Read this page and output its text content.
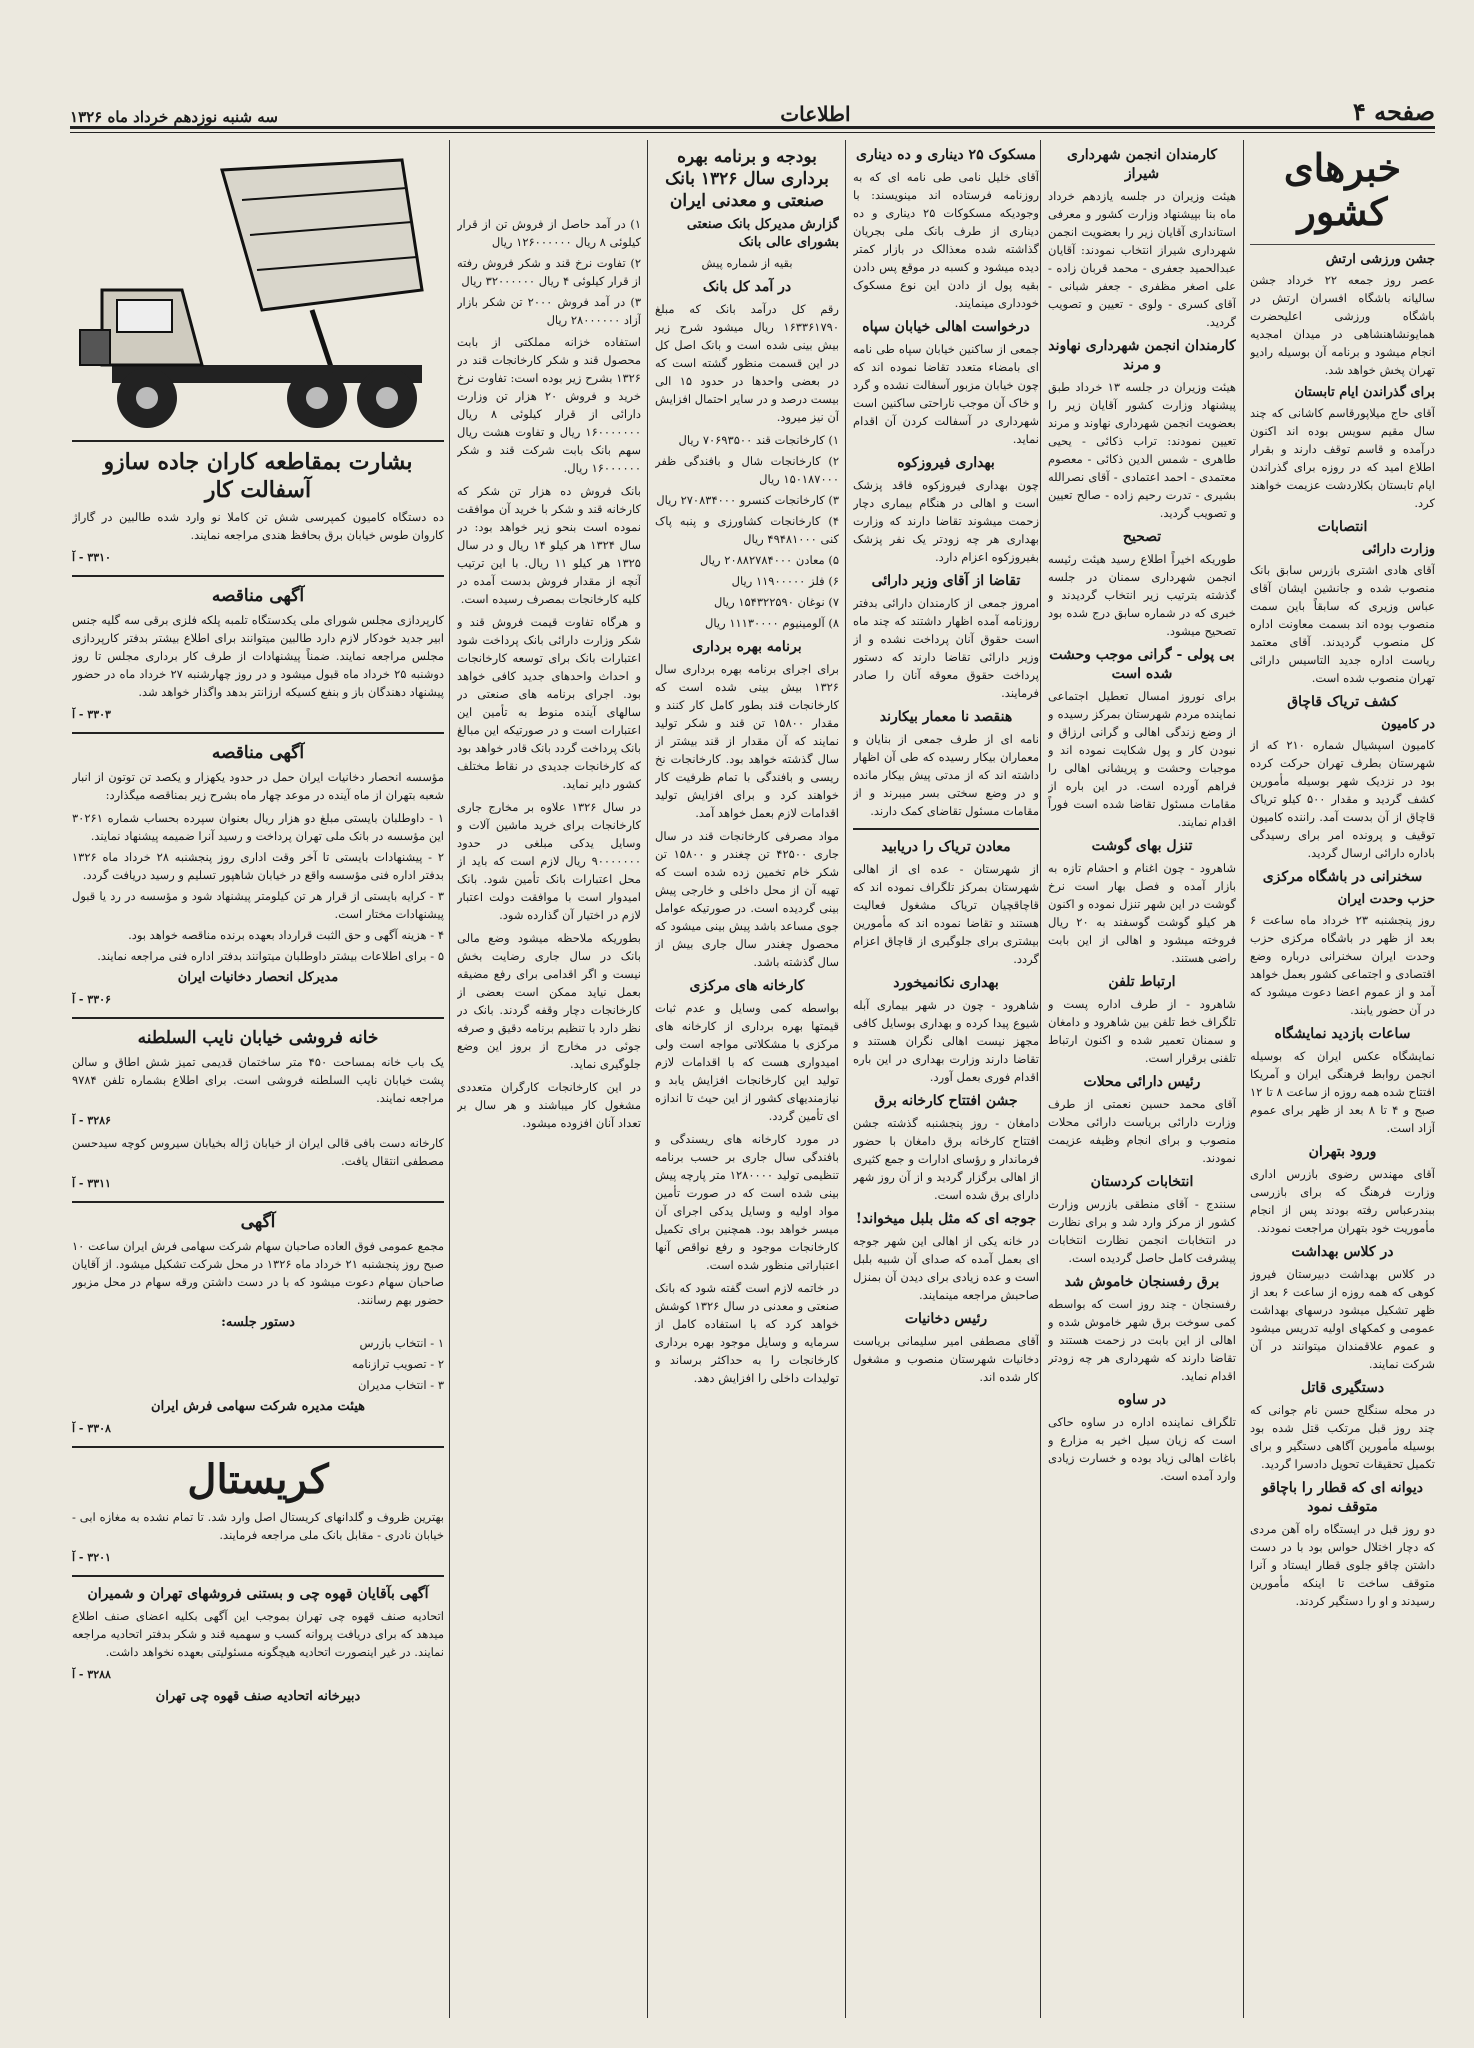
صفحه ۴
اطلاعات
سه شنبه نوزدهم خرداد ماه ۱۳۲۶
خبرهای کشور
جشن ورزشی ارتش

عصر روز جمعه ۲۲ خرداد جشن سالیانه باشگاه افسران ارتش در باشگاه ورزشی اعلیحضرت همایونشاهنشاهی در میدان امجدیه انجام میشود و برنامه آن بوسیله رادیو تهران پخش خواهد شد.

برای گذراندن ایام تابستان

آقای حاج میلاپورقاسم کاشانی که چند سال مقیم سویس بوده اند اکنون درآمده و قاسم توقف دارند و بقرار اطلاع امید که در روزه برای گذراندن ایام تابستان بکلاردشت عزیمت خواهند کرد.

انتصابات
وزارت دارائی

آقای هادی اشتری بازرس سابق بانک منصوب شده و جانشین ایشان آقای عباس وزیری که سابقاً باین سمت منصوب بوده اند بسمت معاونت اداره کل منصوب گردیدند. آقای معتمد ریاست اداره جدید التاسیس دارائی تهران منصوب شده است.

کشف تریاک قاچاق
در کامیون

کامیون اسپشیال شماره ۲۱۰ که از شهرستان بطرف تهران حرکت کرده بود در نزدیک شهر بوسیله مأمورین کشف گردید و مقدار ۵۰۰ کیلو تریاک قاچاق از آن بدست آمد. راننده کامیون توقیف و پرونده امر برای رسیدگی باداره دارائی ارسال گردید.

سخنرانی در باشگاه مرکزی
حزب وحدت ایران

روز پنجشنبه ۲۳ خرداد ماه ساعت ۶ بعد از ظهر در باشگاه مرکزی حزب وحدت ایران سخنرانی درباره وضع اقتصادی و اجتماعی کشور بعمل خواهد آمد و از عموم اعضا دعوت میشود که در آن حضور یابند.

ساعات بازدید نمایشگاه

نمایشگاه عکس ایران که بوسیله انجمن روابط فرهنگی ایران و آمریکا افتتاح شده همه روزه از ساعت ۸ تا ۱۲ صبح و ۴ تا ۸ بعد از ظهر برای عموم آزاد است.

ورود بتهران

آقای مهندس رضوی بازرس اداری وزارت فرهنگ که برای بازرسی ببندرعباس رفته بودند پس از انجام مأموریت خود بتهران مراجعت نمودند.

در کلاس بهداشت

در کلاس بهداشت دبیرستان فیروز کوهی که همه روزه از ساعت ۶ بعد از ظهر تشکیل میشود درسهای بهداشت عمومی و کمکهای اولیه تدریس میشود و عموم علاقمندان میتوانند در آن شرکت نمایند.

دستگیری قاتل

در محله سنگلج حسن نام جوانی که چند روز قبل مرتکب قتل شده بود بوسیله مأمورین آگاهی دستگیر و برای تکمیل تحقیقات تحویل دادسرا گردید.

دیوانه ای که قطار را باچاقو متوقف نمود

دو روز قبل در ایستگاه راه آهن مردی که دچار اختلال حواس بود با در دست داشتن چاقو جلوی قطار ایستاد و آنرا متوقف ساخت تا اینکه مأمورین رسیدند و او را دستگیر کردند.

کارمندان انجمن شهرداری شیراز

هیئت وزیران در جلسه یازدهم خرداد ماه بنا بپیشنهاد وزارت کشور و معرفی استانداری آقایان زیر را بعضویت انجمن شهرداری شیراز انتخاب نمودند: آقایان عبدالحمید جعفری - محمد قربان زاده - علی اصغر مظفری - جعفر شبانی - آقای کسرى - ولوی - تعیین و تصویب گردید.

کارمندان انجمن شهرداری نهاوند و مرند

هیئت وزیران در جلسه ۱۳ خرداد طبق پیشنهاد وزارت کشور آقایان زیر را بعضویت انجمن شهرداری نهاوند و مرند تعیین نمودند: تراب ذکائی - یحیی طاهری - شمس الدین ذکائی - معصوم معتمدی - احمد اعتمادی - آقای نصرالله بشیری - تدرت رحیم زاده - صالح تعیین و تصویب گردید.

تصحیح

طوریکه اخیراً اطلاع رسید هیئت رئیسه انجمن شهرداری سمنان در جلسه گذشته بترتیب زیر انتخاب گردیدند و خبری که در شماره سابق درج شده بود تصحیح میشود.

بی پولی - گرانی موجب وحشت شده است

برای نوروز امسال تعطیل اجتماعی نماینده مردم شهرستان بمرکز رسیده و از وضع زندگی اهالی و گرانی ارزاق و نبودن کار و پول شکایت نموده اند و موجبات وحشت و پریشانی اهالی را فراهم آورده است. در این باره از مقامات مسئول تقاضا شده است فوراً اقدام نمایند.

تنزل بهای گوشت

شاهرود - چون اغنام و احشام تازه به بازار آمده و فصل بهار است نرخ گوشت در این شهر تنزل نموده و اکنون هر کیلو گوشت گوسفند به ۲۰ ریال فروخته میشود و اهالی از این بابت راضی هستند.

ارتباط تلفن

شاهرود - از طرف اداره پست و تلگراف خط تلفن بین شاهرود و دامغان و سمنان تعمیر شده و اکنون ارتباط تلفنی برقرار است.

رئیس دارائی محلات

آقای محمد حسین نعمتی از طرف وزارت دارائی بریاست دارائی محلات منصوب و برای انجام وظیفه عزیمت نمودند.

انتخابات کردستان

سنندج - آقای منطقی بازرس وزارت کشور از مرکز وارد شد و برای نظارت در انتخابات انجمن نظارت انتخابات پیشرفت کامل حاصل گردیده است.

برق رفسنجان خاموش شد

رفسنجان - چند روز است که بواسطه کمی سوخت برق شهر خاموش شده و اهالی از این بابت در زحمت هستند و تقاضا دارند که شهرداری هر چه زودتر اقدام نماید.

در ساوه

تلگراف نماینده اداره در ساوه حاکی است که زیان سیل اخیر به مزارع و باغات اهالی زیاد بوده و خسارت زیادی وارد آمده است.

مسکوک ۲۵ دیناری و ده دیناری

آقای خلیل نامی طی نامه ای که به روزنامه فرستاده اند مینویسند: با وجودیکه مسکوکات ۲۵ دیناری و ده دیناری از طرف بانک ملی بجریان گذاشته شده معذالک در بازار کمتر دیده میشود و کسبه در موقع پس دادن بقیه پول از دادن این نوع مسکوک خودداری مینمایند.

درخواست اهالی خیابان سپاه

جمعی از ساکنین خیابان سپاه طی نامه ای بامضاء متعدد تقاضا نموده اند که چون خیابان مزبور آسفالت نشده و گرد و خاک آن موجب ناراحتی ساکنین است شهرداری در آسفالت کردن آن اقدام نماید.

بهداری فیروزکوه

چون بهداری فیروزکوه فاقد پزشک است و اهالی در هنگام بیماری دچار زحمت میشوند تقاضا دارند که وزارت بهداری هر چه زودتر یک نفر پزشک بفیروزکوه اعزام دارد.

تقاضا از آقای وزیر دارائی

امروز جمعی از کارمندان دارائی بدفتر روزنامه آمده اظهار داشتند که چند ماه است حقوق آنان پرداخت نشده و از وزیر دارائی تقاضا دارند که دستور پرداخت حقوق معوقه آنان را صادر فرمایند.

هنقصد نا معمار بیکارند

نامه ای از طرف جمعی از بنایان و معماران بیکار رسیده که طی آن اظهار داشته اند که از مدتی پیش بیکار مانده و در وضع سختی بسر میبرند و از مقامات مسئول تقاضای کمک دارند.

معادن تریاک را دریابید

از شهرستان - عده ای از اهالی شهرستان بمرکز تلگراف نموده اند که قاچاقچیان تریاک مشغول فعالیت هستند و تقاضا نموده اند که مأمورین بیشتری برای جلوگیری از قاچاق اعزام گردد.

بهداری نکانمیخورد

شاهرود - چون در شهر بیماری آبله شیوع پیدا کرده و بهداری بوسایل کافی مجهز نیست اهالی نگران هستند و تقاضا دارند وزارت بهداری در این باره اقدام فوری بعمل آورد.

جشن افتتاح کارخانه برق

دامغان - روز پنجشنبه گذشته جشن افتتاح کارخانه برق دامغان با حضور فرماندار و رؤسای ادارات و جمع کثیری از اهالی برگزار گردید و از آن روز شهر دارای برق شده است.

جوجه ای که مثل بلبل میخواند!

در خانه یکی از اهالی این شهر جوجه ای بعمل آمده که صدای آن شبیه بلبل است و عده زیادی برای دیدن آن بمنزل صاحبش مراجعه مینمایند.

رئیس دخانیات

آقای مصطفی امیر سلیمانی بریاست دخانیات شهرستان منصوب و مشغول کار شده اند.

بودجه و برنامه بهره برداری سال ۱۳۲۶ بانک صنعتی و معدنی ایران
گزارش مدیرکل بانک صنعتی بشورای عالی بانک

بقیه از شماره پیش

در آمد کل بانک

رقم کل درآمد بانک که مبلغ ۱۶۳۳۶۱۷۹۰ ریال میشود شرح زیر بیش بینی شده است و بانک اصل کل در این قسمت منظور گشته است که در بعضی واحدها در حدود ۱۵ الی بیست درصد و در سایر احتمال افزایش آن نیز میرود.

۱) کارخانجات قند ۷۰۶۹۳۵۰۰ ریال
۲) کارخانجات شال و بافندگی ظفر ۱۵۰۱۸۷۰۰۰ ریال
۳) کارخانجات کنسرو ۲۷۰۸۳۴۰۰۰ ریال
۴) کارخانجات کشاورزی و پنبه پاک کنی ۴۹۴۸۱۰۰۰ ریال
۵) معادن ۲۰۸۸۲۷۸۴۰۰۰ ریال
۶) فلز ۱۱۹۰۰۰۰۰ ریال
۷) نوغان ۱۵۴۳۲۲۵۹۰ ریال
۸) آلومینیوم ۱۱۱۳۰۰۰۰ ریال
برنامه بهره برداری

برای اجرای برنامه بهره برداری سال ۱۳۲۶ بیش بینی شده است که کارخانجات قند بطور کامل کار کنند و مقدار ۱۵۸۰۰ تن قند و شکر تولید نمایند که آن مقدار از قند بیشتر از سال گذشته خواهد بود. کارخانجات نخ ریسی و بافندگی با تمام ظرفیت کار خواهند کرد و برای افزایش تولید اقدامات لازم بعمل خواهد آمد.

مواد مصرفی کارخانجات قند در سال جاری ۴۲۵۰۰ تن چغندر و ۱۵۸۰۰ تن شکر خام تخمین زده شده است که تهیه آن از محل داخلی و خارجی پیش بینی گردیده است. در صورتیکه عوامل جوی مساعد باشد پیش بینی میشود که محصول چغندر سال جاری بیش از سال گذشته باشد.

کارخانه های مرکزی

بواسطه کمی وسایل و عدم ثبات قیمتها بهره برداری از کارخانه های مرکزی با مشکلاتی مواجه است ولی امیدواری هست که با اقدامات لازم تولید این کارخانجات افزایش یابد و نیازمندیهای کشور از این حیث تا اندازه ای تأمین گردد.

در مورد کارخانه های ریسندگی و بافندگی سال جاری بر حسب برنامه تنظیمی تولید ۱۲۸۰۰۰۰ متر پارچه پیش بینی شده است که در صورت تأمین مواد اولیه و وسایل یدکی اجرای آن میسر خواهد بود. همچنین برای تکمیل کارخانجات موجود و رفع نواقص آنها اعتباراتی منظور شده است.

در خاتمه لازم است گفته شود که بانک صنعتی و معدنی در سال ۱۳۲۶ کوشش خواهد کرد که با استفاده کامل از سرمایه و وسایل موجود بهره برداری کارخانجات را به حداکثر برساند و تولیدات داخلی را افزایش دهد.

۱) در آمد حاصل از فروش تن از قرار کیلوئی ۸ ریال ۱۲۶۰۰۰۰۰۰ ریال
۲) تفاوت نرخ قند و شکر فروش رفته از قرار کیلوئی ۴ ریال ۳۲۰۰۰۰۰۰ ریال
۳) در آمد فروش ۲۰۰۰ تن شکر بازار آزاد ۲۸۰۰۰۰۰۰ ریال

استفاده خزانه مملکتی از بابت محصول قند و شکر کارخانجات قند در ۱۳۲۶ بشرح زیر بوده است: تفاوت نرخ خرید و فروش ۲۰ هزار تن وزارت دارائی از قرار کیلوئی ۸ ریال ۱۶۰۰۰۰۰۰۰ ریال و تفاوت هشت ریال سهم بانک بابت شرکت قند و شکر ۱۶۰۰۰۰۰۰ ریال.

بانک فروش ده هزار تن شکر که کارخانه قند و شکر با خرید آن موافقت نموده است بنحو زیر خواهد بود: در سال ۱۳۲۴ هر کیلو ۱۴ ریال و در سال ۱۳۲۵ هر کیلو ۱۱ ریال. با این ترتیب آنچه از مقدار فروش بدست آمده در کلیه کارخانجات بمصرف رسیده است.

و هرگاه تفاوت قیمت فروش قند و شکر وزارت دارائی بانک پرداخت شود اعتبارات بانک برای توسعه کارخانجات و احداث واحدهای جدید کافی خواهد بود. اجرای برنامه های صنعتی در سالهای آینده منوط به تأمین این اعتبارات است و در صورتیکه این مبالغ بانک پرداخت گردد بانک قادر خواهد بود که کارخانجات جدیدی در نقاط مختلف کشور دایر نماید.

در سال ۱۳۲۶ علاوه بر مخارج جاری کارخانجات برای خرید ماشین آلات و وسایل یدکی مبلغی در حدود ۹۰۰۰۰۰۰۰ ریال لازم است که باید از محل اعتبارات بانک تأمین شود. بانک امیدوار است با موافقت دولت اعتبار لازم در اختیار آن گذارده شود.

بطوریکه ملاحظه میشود وضع مالی بانک در سال جاری رضایت بخش نیست و اگر اقدامی برای رفع مضیقه بعمل نیاید ممکن است بعضی از کارخانجات دچار وقفه گردند. بانک در نظر دارد با تنظیم برنامه دقیق و صرفه جوئی در مخارج از بروز این وضع جلوگیری نماید.

در این کارخانجات کارگران متعددی مشغول کار میباشند و هر سال بر تعداد آنان افزوده میشود.

بشارت بمقاطعه کاران جاده سازو آسفالت کار

ده دستگاه کامیون کمپرسی شش تن کاملا نو وارد شده طالبین در گاراژ کاروان طوس خیابان برق بحافظ هندی مراجعه نمایند.

۳۳۱۰ - آ
آگهی مناقصه

کارپردازی مجلس شورای ملی یکدستگاه تلمبه پلکه فلزی برقی سه گلیه جنس ابیر جدید خودکار لازم دارد طالبین میتوانند برای اطلاع بیشتر بدفتر کارپردازی مجلس مراجعه نمایند. ضمناً پیشنهادات از طرف کار برداری مجلس تا روز دوشنبه ۲۵ خرداد ماه قبول میشود و در روز چهارشنبه ۲۷ خرداد ماه در حضور پیشنهاد دهندگان باز و بنفع کسیکه ارزانتر بدهد واگذار خواهد شد.

۳۳۰۳ - آ
آگهی مناقصه

مؤسسه انحصار دخانیات ایران حمل در حدود یکهزار و یکصد تن توتون از انبار شعبه بتهران از ماه آینده در موعد چهار ماه بشرح زیر بمناقصه میگذارد:

۱ - داوطلبان بایستی مبلغ دو هزار ریال بعنوان سپرده بحساب شماره ۳۰۲۶۱ این مؤسسه در بانک ملی تهران پرداخت و رسید آنرا ضمیمه پیشنهاد نمایند.
۲ - پیشنهادات بایستی تا آخر وقت اداری روز پنجشنبه ۲۸ خرداد ماه ۱۳۲۶ بدفتر اداره فنی مؤسسه واقع در خیابان شاهپور تسلیم و رسید دریافت گردد.
۳ - کرایه بایستی از قرار هر تن کیلومتر پیشنهاد شود و مؤسسه در رد یا قبول پیشنهادات مختار است.
۴ - هزینه آگهی و حق الثبت قرارداد بعهده برنده مناقصه خواهد بود.
۵ - برای اطلاعات بیشتر داوطلبان میتوانند بدفتر اداره فنی مراجعه نمایند.
مدیرکل انحصار دخانیات ایران
۳۳۰۶ - آ
خانه فروشی خیابان نایب السلطنه

یک باب خانه بمساحت ۴۵۰ متر ساختمان قدیمی تمیز شش اطاق و سالن پشت خیابان نایب السلطنه فروشی است. برای اطلاع بشماره تلفن ۹۷۸۴ مراجعه نمایند.

۳۲۸۶ - آ

کارخانه دست بافی قالی ایران از خیابان ژاله بخیابان سیروس کوچه سیدحسن مصطفی انتقال یافت.

۳۳۱۱ - آ
آگهی

مجمع عمومی فوق العاده صاحبان سهام شرکت سهامی فرش ایران ساعت ۱۰ صبح روز پنجشنبه ۲۱ خرداد ماه ۱۳۲۶ در محل شرکت تشکیل میشود. از آقایان صاحبان سهام دعوت میشود که با در دست داشتن ورقه سهام در محل مزبور حضور بهم رسانند.

دستور جلسه:
۱ - انتخاب بازرس
۲ - تصویب ترازنامه
۳ - انتخاب مدیران
هیئت مدیره شرکت سهامی فرش ایران
۳۳۰۸ - آ
کریستال

بهترین ظروف و گلدانهای کریستال اصل وارد شد. تا تمام نشده به مغازه ابی - خیابان نادری - مقابل بانک ملی مراجعه فرمایند.

۳۲۰۱ - آ
آگهی بآقایان قهوه چی و بستنی فروشهای تهران و شمیران

اتحادیه صنف قهوه چی تهران بموجب این آگهی بکلیه اعضای صنف اطلاع میدهد که برای دریافت پروانه کسب و سهمیه قند و شکر بدفتر اتحادیه مراجعه نمایند. در غیر اینصورت اتحادیه هیچگونه مسئولیتی بعهده نخواهد داشت.

۳۲۸۸ - آ
دبیرخانه اتحادیه صنف قهوه چی تهران
